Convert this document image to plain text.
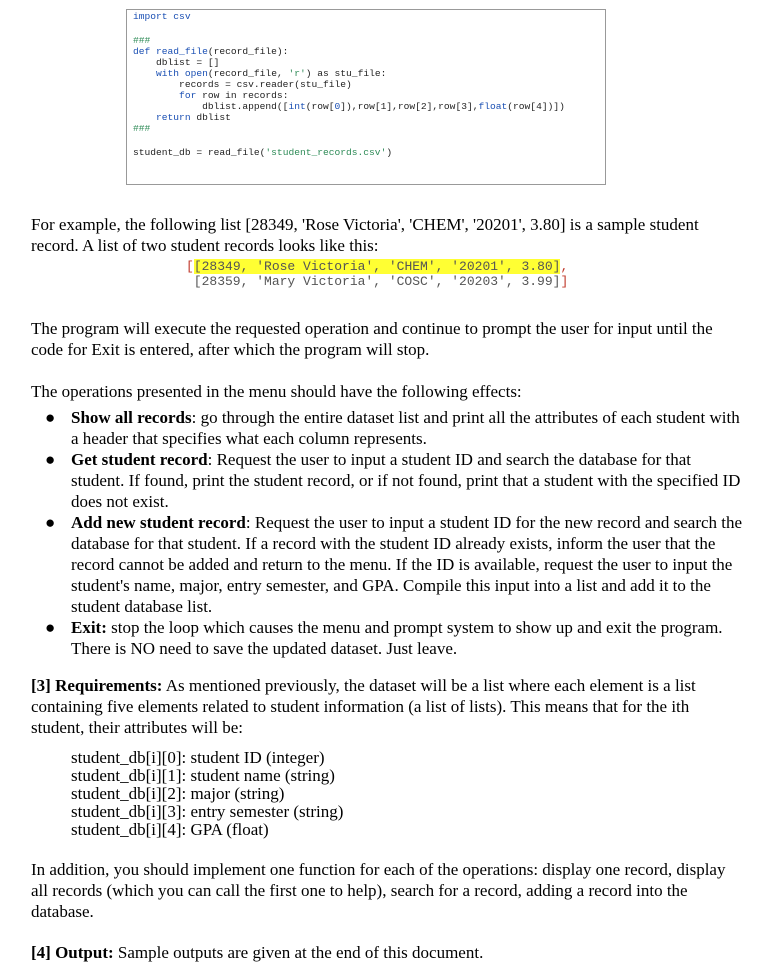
import csv
###
def read_file(record_file):
dblist = []
with open(record_file, 'r') as stu_file:
records = csv.reader(stu_file)
for row in records:
dblist.append([int(row[0]),row[1],row[2],row[3],float(row[4])])
return dblist
###
student_db = read_file('student_records.csv')
For example, the following list [28349, 'Rose Victoria', 'CHEM', '20201', 3.80] is a sample student record. A list of two student records looks like this:
[[28349, 'Rose Victoria', 'CHEM', '20201', 3.80],
[28359, 'Mary Victoria', 'COSC', '20203', 3.99]]
The program will execute the requested operation and continue to prompt the user for input until the code for Exit is entered, after which the program will stop.
The operations presented in the menu should have the following effects:
● Show all records: go through the entire dataset list and print all the attributes of each student with a header that specifies what each column represents.
● Get student record: Request the user to input a student ID and search the database for that student. If found, print the student record, or if not found, print that a student with the specified ID does not exist.
● Add new student record: Request the user to input a student ID for the new record and search the database for that student. If a record with the student ID already exists, inform the user that the record cannot be added and return to the menu. If the ID is available, request the user to input the student's name, major, entry semester, and GPA. Compile this input into a list and add it to the student database list.
● Exit: stop the loop which causes the menu and prompt system to show up and exit the program. There is NO need to save the updated dataset. Just leave.
[3] Requirements: As mentioned previously, the dataset will be a list where each element is a list containing five elements related to student information (a list of lists). This means that for the ith student, their attributes will be:
student_db[i][0]: student ID (integer)
student_db[i][1]: student name (string)
student_db[i][2]: major (string)
student_db[i][3]: entry semester (string)
student_db[i][4]: GPA (float)
In addition, you should implement one function for each of the operations: display one record, display all records (which you can call the first one to help), search for a record, adding a record into the database.
[4] Output: Sample outputs are given at the end of this document.
